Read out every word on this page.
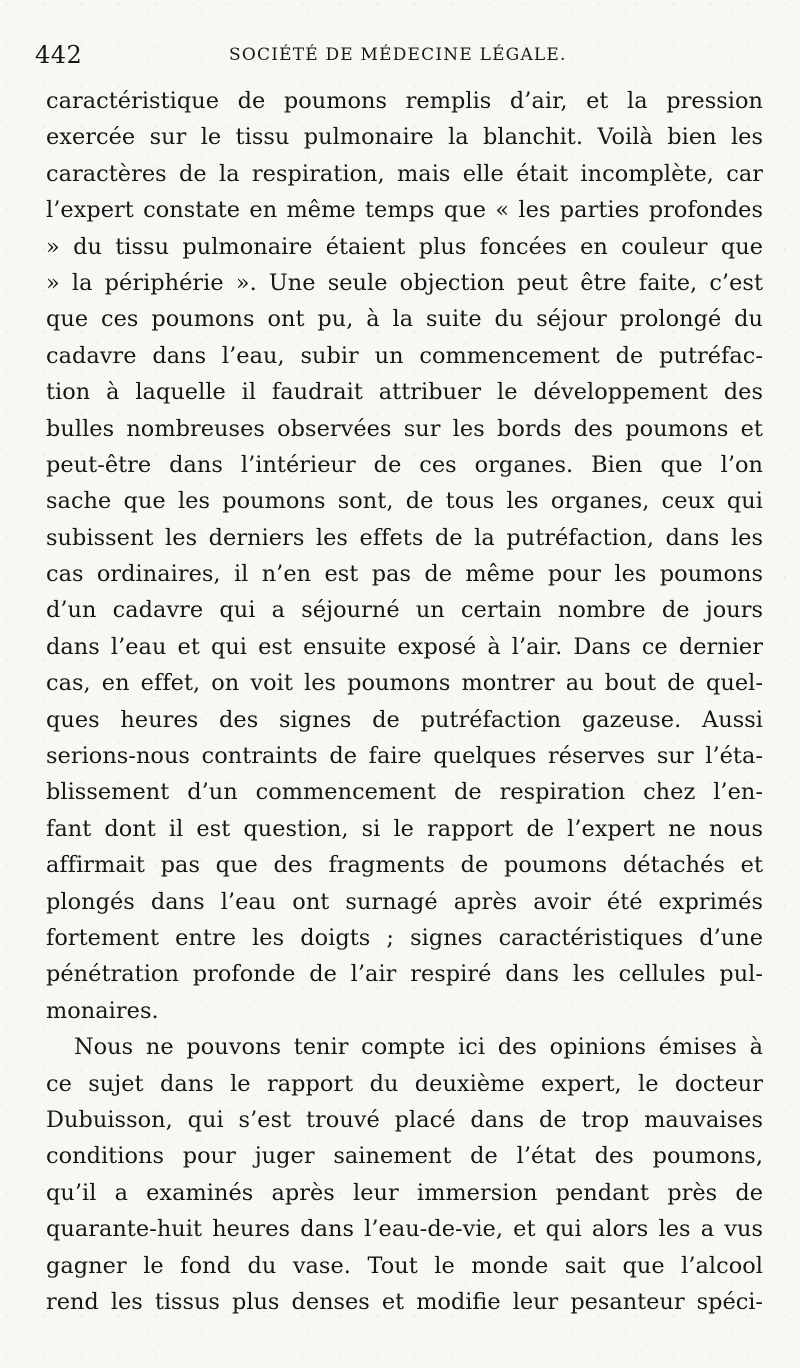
442	SOCIÉTÉ DE MÉDECINE LÉGALE.
caractéristique de poumons remplis d’air, et la pression
exercée sur le tissu pulmonaire la blanchit. Voilà bien les
caractères de la respiration, mais elle était incomplète, car
l’expert constate en même temps que « les parties profondes
» du tissu pulmonaire étaient plus foncées en couleur que
» la périphérie ». Une seule objection peut être faite, c’est
que ces poumons ont pu, à la suite du séjour prolongé du
cadavre dans l’eau, subir un commencement de putréfac-
tion à laquelle il faudrait attribuer le développement des
bulles nombreuses observées sur les bords des poumons et
peut-être dans l’intérieur de ces organes. Bien que l’on
sache que les poumons sont, de tous les organes, ceux qui
subissent les derniers les effets de la putréfaction, dans les
cas ordinaires, il n’en est pas de même pour les poumons
d’un cadavre qui a séjourné un certain nombre de jours
dans l’eau et qui est ensuite exposé à l’air. Dans ce dernier
cas, en effet, on voit les poumons montrer au bout de quel-
ques heures des signes de putréfaction gazeuse. Aussi
serions-nous contraints de faire quelques réserves sur l’éta-
blissement d’un commencement de respiration chez l’en-
fant dont il est question, si le rapport de l’expert ne nous
affirmait pas que des fragments de poumons détachés et
plongés dans l’eau ont surnagé après avoir été exprimés
fortement entre les doigts ; signes caractéristiques d’une
pénétration profonde de l’air respiré dans les cellules pul-
monaires.
Nous ne pouvons tenir compte ici des opinions émises à
ce sujet dans le rapport du deuxième expert, le docteur
Dubuisson, qui s’est trouvé placé dans de trop mauvaises
conditions pour juger sainement de l’état des poumons,
qu’il a examinés après leur immersion pendant près de
quarante-huit heures dans l’eau-de-vie, et qui alors les a vus
gagner le fond du vase. Tout le monde sait que l’alcool
rend les tissus plus denses et modifie leur pesanteur spéci-
